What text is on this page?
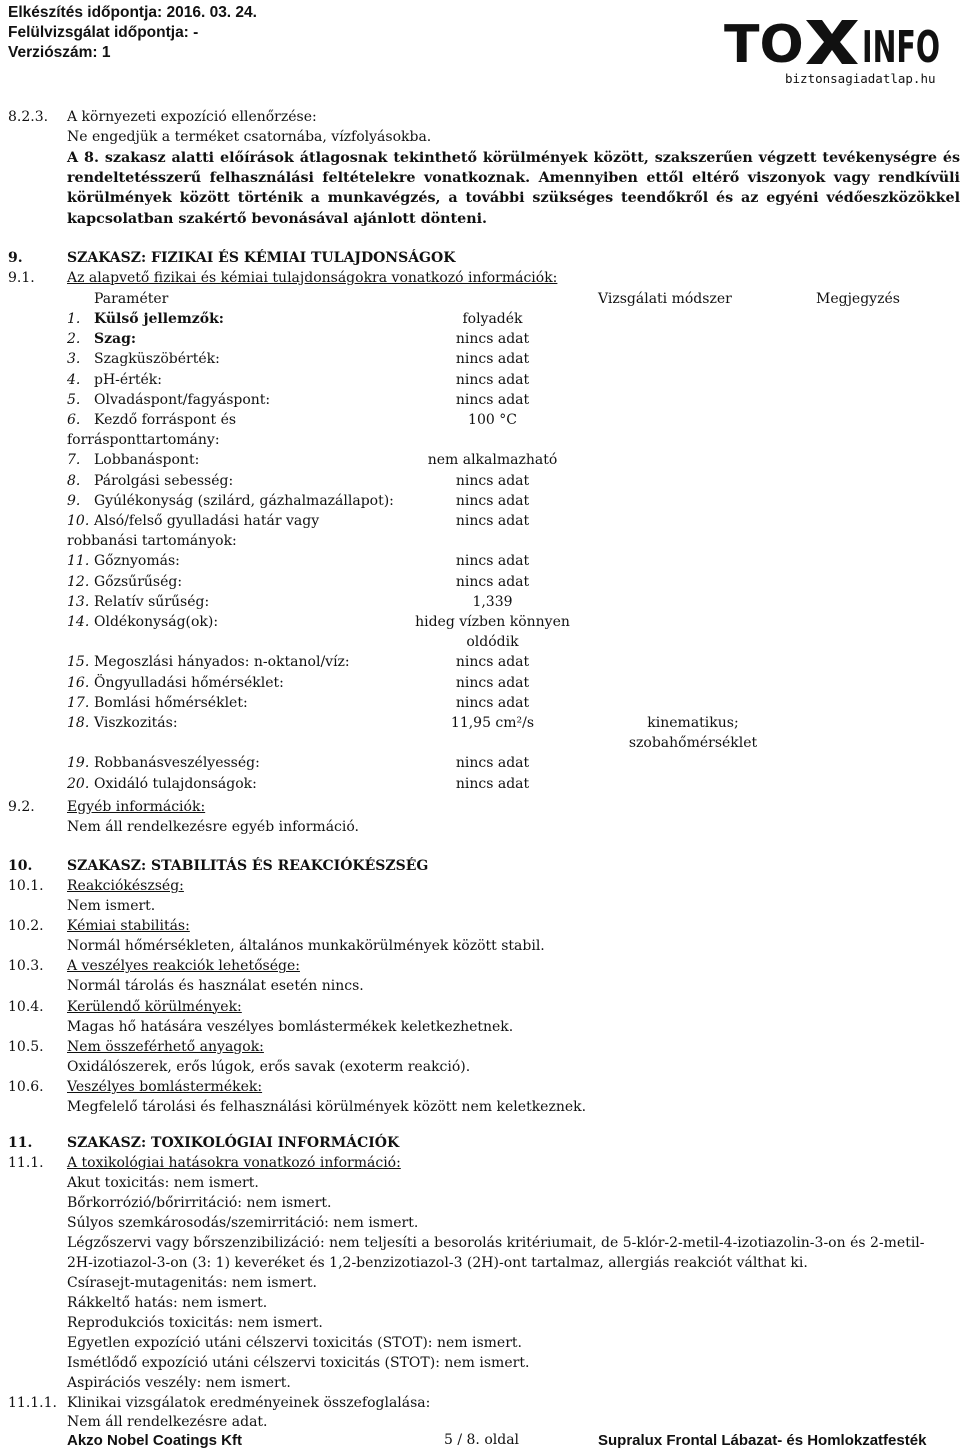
Elkészítés időpontja: 2016. 03. 24.
Felülvizsgálat időpontja: -
Verziószám: 1	TO INFO
biztonsagiadatlap.hu
8.2.3. A környezeti expozíció ellenőrzése:
Ne engedjük a terméket csatornába, vízfolyásokba.
A 8. szakasz alatti előírások átlagosnak tekinthető körülmények között, szakszerűen végzett tevékenységre és rendeltetésszerű felhasználási feltételekre vonatkoznak. Amennyiben ettől eltérő viszonyok vagy rendkívüli körülmények között történik a munkavégzés, a további szükséges teendőkről és az egyéni védőeszközökkel kapcsolatban szakértő bevonásával ajánlott dönteni.
9.	SZAKASZ: FIZIKAI ÉS KÉMIAI TULAJDONSÁGOK
9.1. Az alapvető fizikai és kémiai tulajdonságokra vonatkozó információk:
Paraméter	Vizsgálati módszer	Megjegyzés
1. Külső jellemzők:	folyadék
2. Szag:	nincs adat
3. Szagküszöbérték:	nincs adat
4. pH-érték:	nincs adat
5. Olvadáspont/fagyáspont:	nincs adat
6. Kezdő forráspont és	100 °C
forrásponttartomány:
7. Lobbanáspont:	nem alkalmazható
8. Párolgási sebesség:	nincs adat
9. Gyúlékonyság (szilárd, gázhalmazállapot):	nincs adat
10. Alsó/felső gyulladási határ vagy	nincs adat
robbanási tartományok:
11. Gőznyomás:	nincs adat
12. Gőzsűrűség:	nincs adat
13. Relatív sűrűség:	1,339
14. Oldékonyság(ok):	hideg vízben könnyen
oldódik
15. Megoszlási hányados: n-oktanol/víz:	nincs adat
16. Öngyulladási hőmérséklet:	nincs adat
17. Bomlási hőmérséklet:	nincs adat
18. Viszkozitás:	11,95 cm²/s	kinematikus;
szobahőmérséklet
19. Robbanásveszélyesség:	nincs adat
20. Oxidáló tulajdonságok:	nincs adat
9.2. Egyéb információk:
Nem áll rendelkezésre egyéb információ.
10. SZAKASZ: STABILITÁS ÉS REAKCIÓKÉSZSÉG
10.1. Reakciókészség:
Nem ismert.
10.2. Kémiai stabilitás:
Normál hőmérsékleten, általános munkakörülmények között stabil.
10.3. A veszélyes reakciók lehetősége:
Normál tárolás és használat esetén nincs.
10.4. Kerülendő körülmények:
Magas hő hatására veszélyes bomlástermékek keletkezhetnek.
10.5. Nem összeférhető anyagok:
Oxidálószerek, erős lúgok, erős savak (exoterm reakció).
10.6. Veszélyes bomlástermékek:
Megfelelő tárolási és felhasználási körülmények között nem keletkeznek.
11. SZAKASZ: TOXIKOLÓGIAI INFORMÁCIÓK
11.1. A toxikológiai hatásokra vonatkozó információ:
Akut toxicitás: nem ismert.
Bőrkorrózió/bőrirritáció: nem ismert.
Súlyos szemkárosodás/szemirritáció: nem ismert.
Légzőszervi vagy bőrszenzibilizáció: nem teljesíti a besorolás kritériumait, de 5-klór-2-metil-4-izotiazolin-3-on és 2-metil-
2H-izotiazol-3-on (3: 1) keveréket és 1,2-benzizotiazol-3 (2H)-ont tartalmaz, allergiás reakciót válthat ki.
Csírasejt-mutagenitás: nem ismert.
Rákkeltő hatás: nem ismert.
Reprodukciós toxicitás: nem ismert.
Egyetlen expozíció utáni célszervi toxicitás (STOT): nem ismert.
Ismétlődő expozíció utáni célszervi toxicitás (STOT): nem ismert.
Aspirációs veszély: nem ismert.
11.1.1. Klinikai vizsgálatok eredményeinek összefoglalása:
Nem áll rendelkezésre adat.
Akzo Nobel Coatings Kft	5 / 8. oldal	Supralux Frontal Lábazat- és Homlokzatfesték
